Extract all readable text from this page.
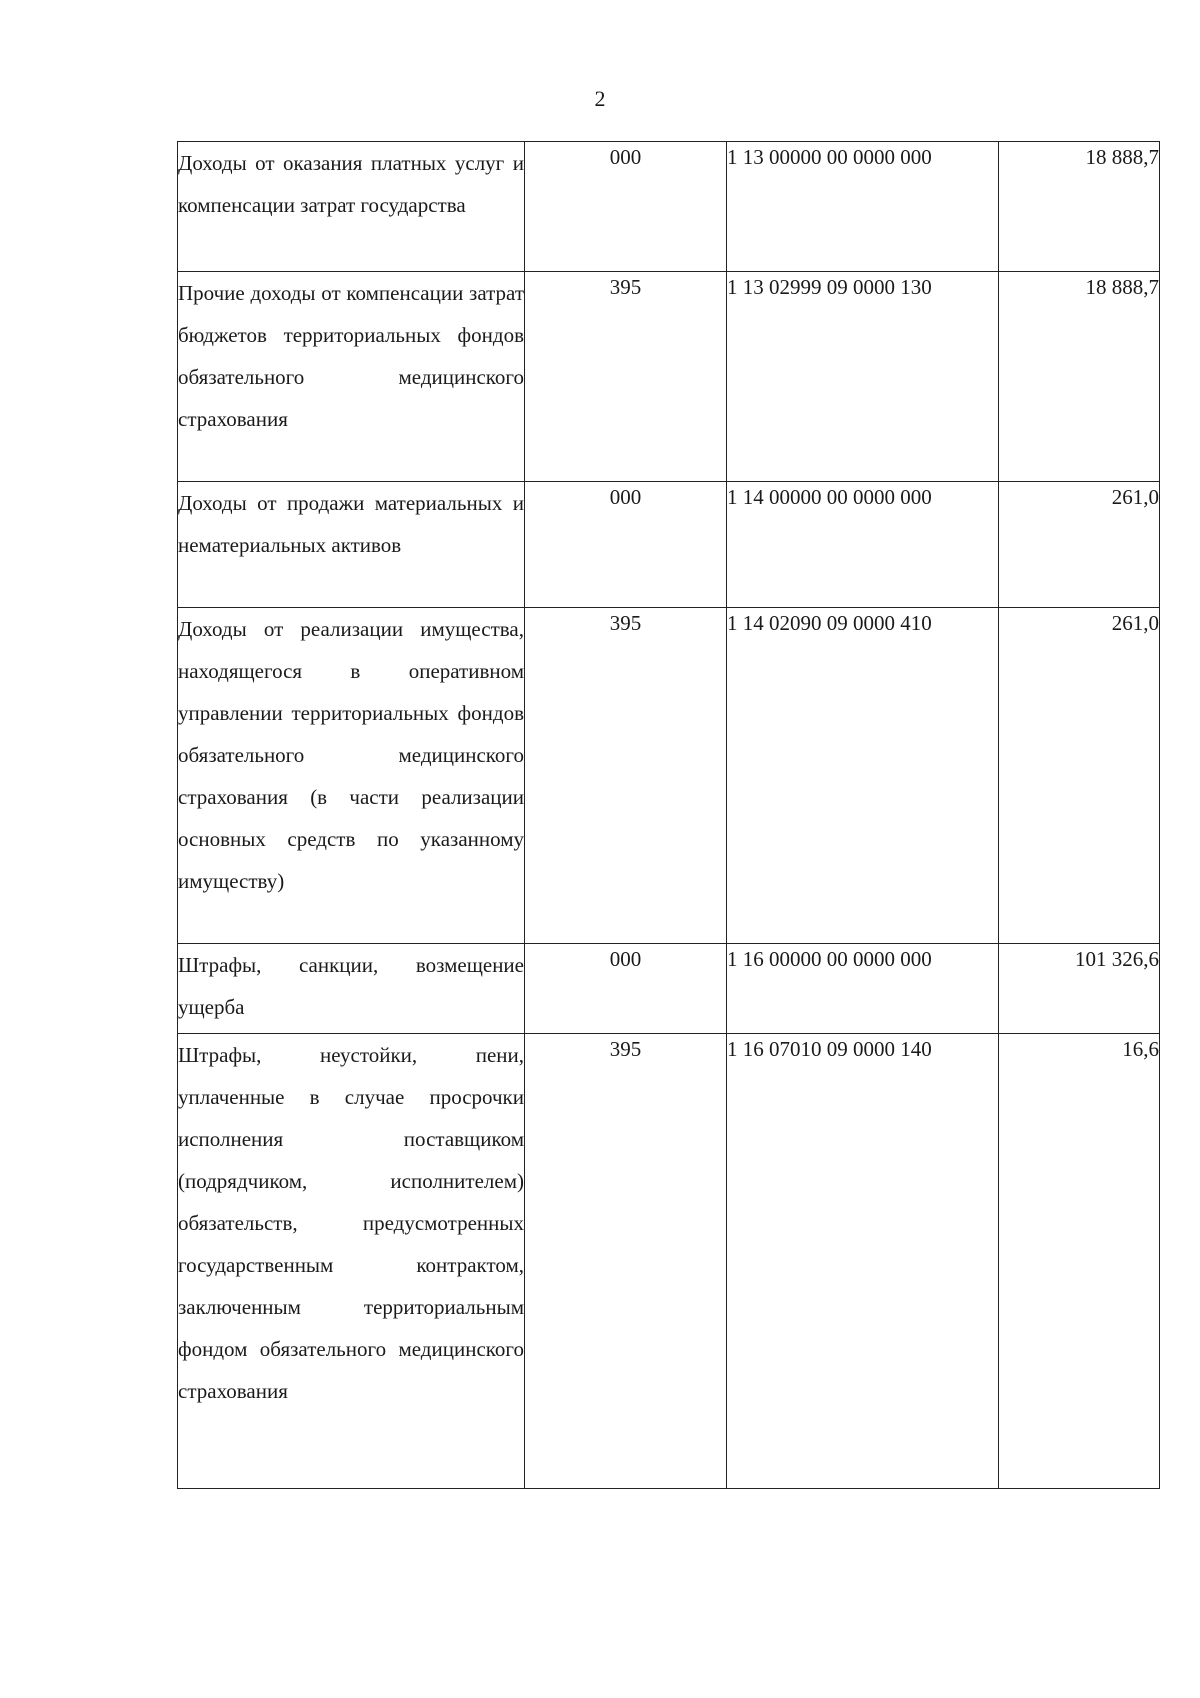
2
Доходы от оказания платных услуг и компенсации затрат государства	000	1 13 00000 00 0000 000	18 888,7
Прочие доходы от компенсации затрат бюджетов территориальных фондов обязательного медицинского страхования	395	1 13 02999 09 0000 130	18 888,7
Доходы от продажи материальных и нематериальных активов	000	1 14 00000 00 0000 000	261,0
Доходы от реализации имущества, находящегося в оперативном управлении территориальных фондов обязательного медицинского страхования (в части реализации основных средств по указанному имуществу)	395	1 14 02090 09 0000 410	261,0
Штрафы, санкции, возмещение ущерба	000	1 16 00000 00 0000 000	101 326,6
Штрафы, неустойки, пени, уплаченные в случае просрочки исполнения поставщиком (подрядчиком, исполнителем) обязательств, предусмотренных государственным контрактом, заключенным территориальным фондом обязательного медицинского страхования	395	1 16 07010 09 0000 140	16,6
